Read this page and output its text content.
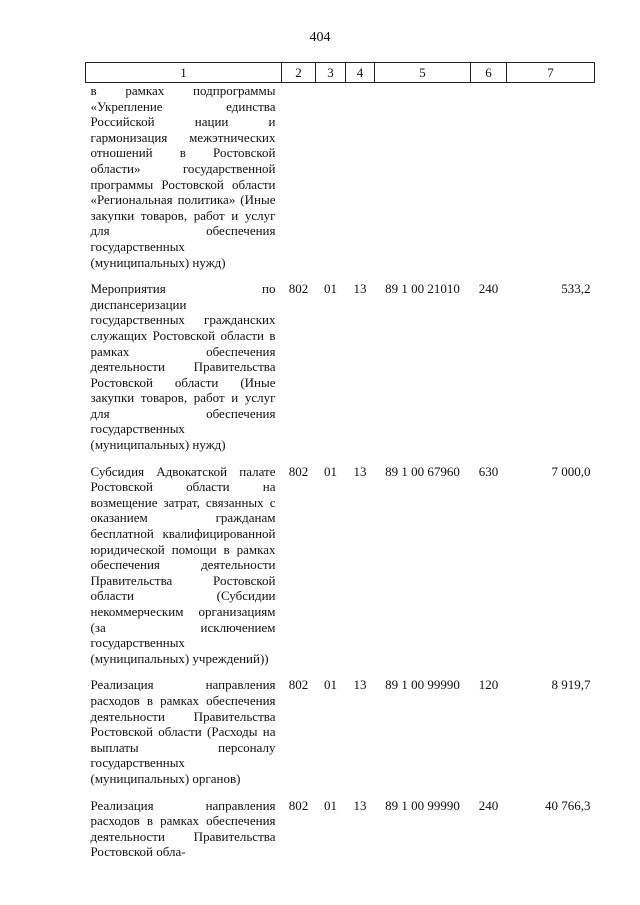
404
1	2	3	4	5	6	7
в рамках подпрограммы «Укрепление единства Российской нации и гармонизация межэтнических отношений в Ростовской области» государственной программы Ростовской области «Региональная политика» (Иные закупки товаров, работ и услуг для обеспечения государственных (муниципальных) нужд)						
Мероприятия по диспансеризации государственных гражданских служащих Ростовской области в рамках обеспечения деятельности Правительства Ростовской области (Иные закупки товаров, работ и услуг для обеспечения государственных (муниципальных) нужд)	802	01	13	89 1 00 21010	240	533,2
Субсидия Адвокатской палате Ростовской области на возмещение затрат, связанных с оказанием гражданам бесплатной квалифицированной юридической помощи в рамках обеспечения деятельности Правительства Ростовской области (Субсидии некоммерческим организациям (за исключением государственных (муниципальных) учреждений))	802	01	13	89 1 00 67960	630	7 000,0
Реализация направления расходов в рамках обеспечения деятельности Правительства Ростовской области (Расходы на выплаты персоналу государственных (муниципальных) органов)	802	01	13	89 1 00 99990	120	8 919,7
Реализация направления расходов в рамках обеспечения деятельности Правительства Ростовской обла-	802	01	13	89 1 00 99990	240	40 766,3
